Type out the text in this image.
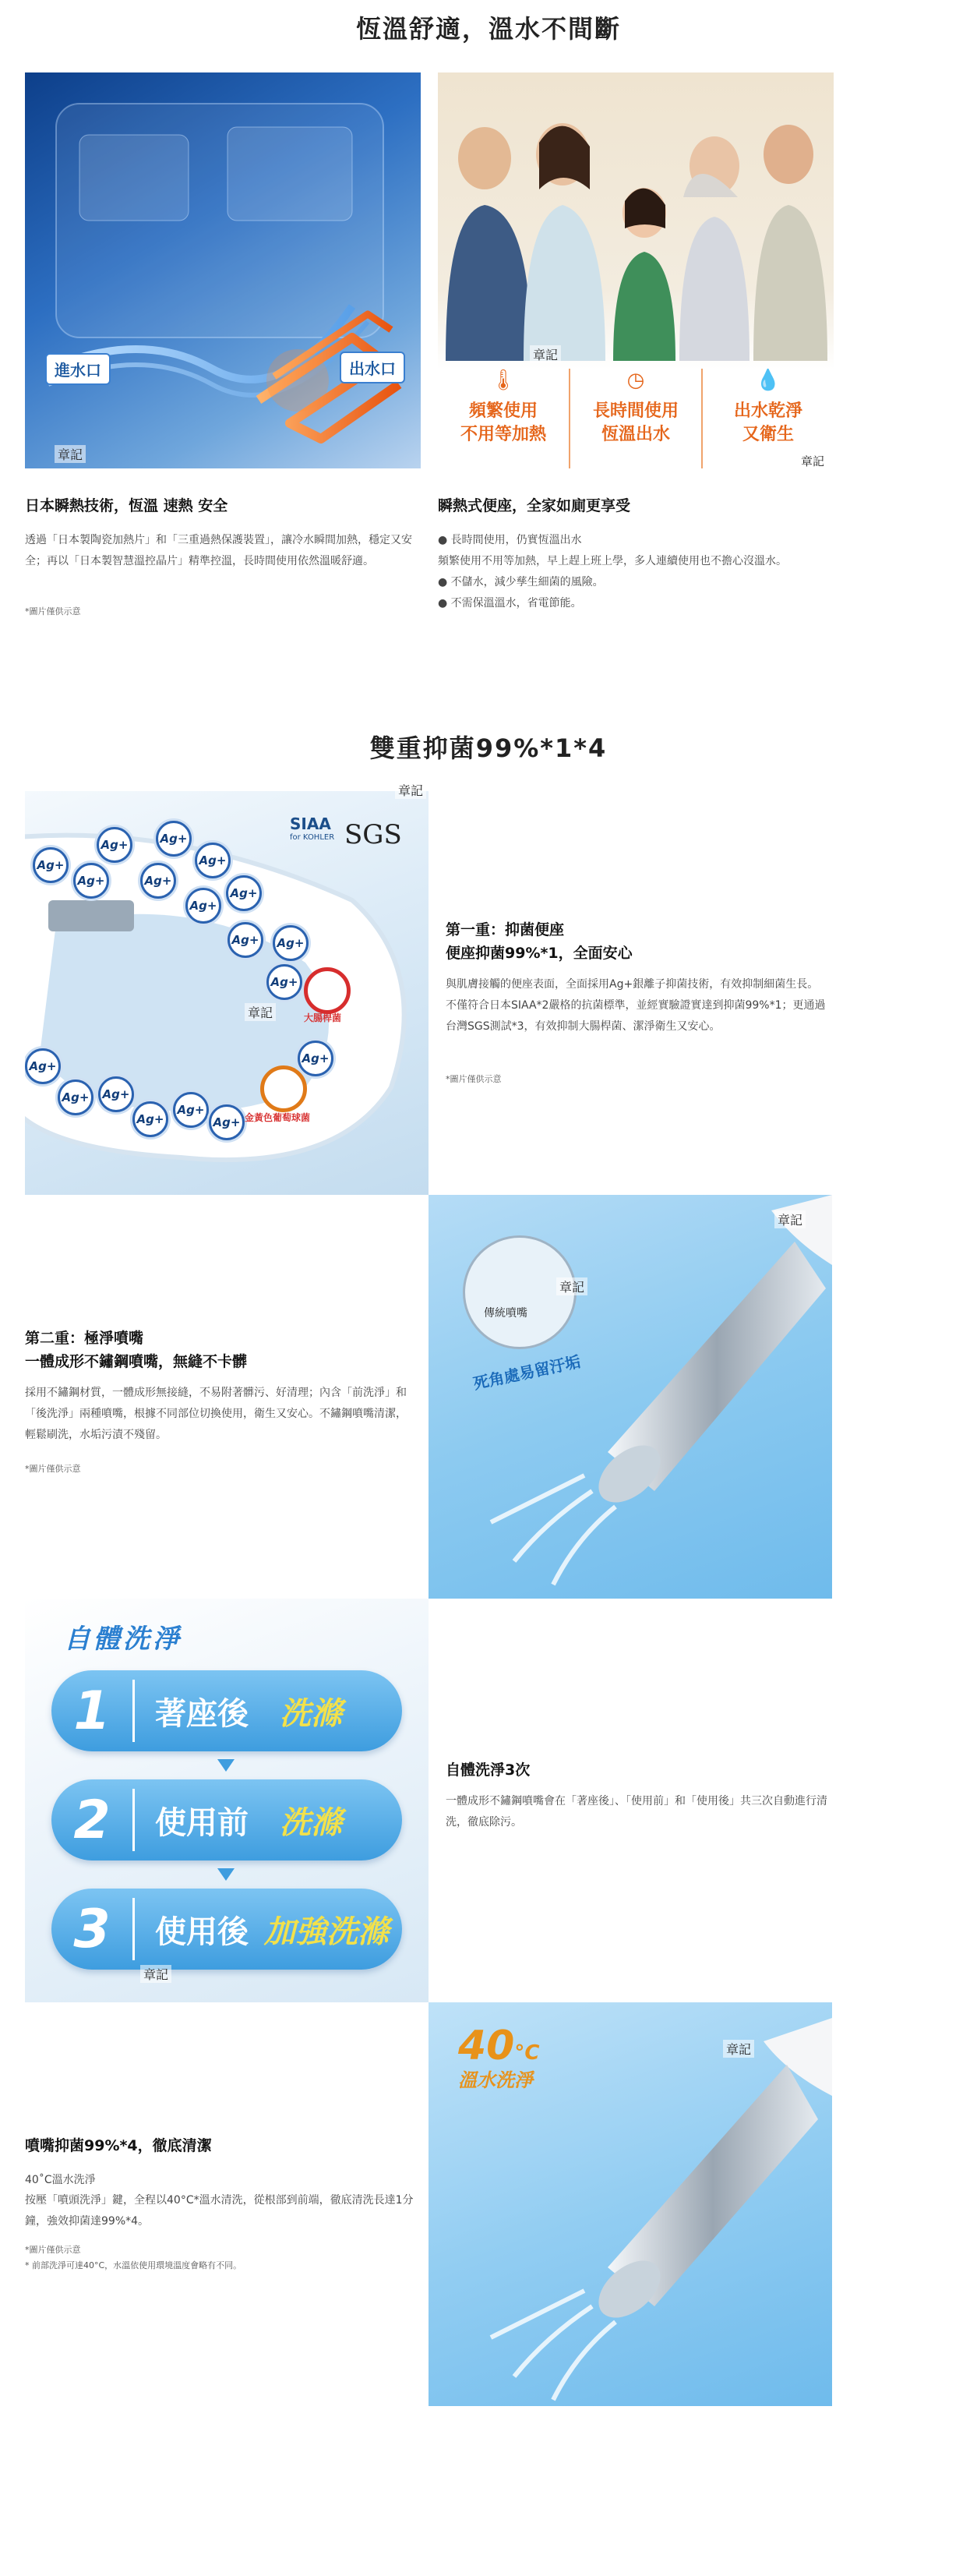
恆溫舒適，溫水不間斷
進水口	出水口
章記
章記
🌡
頻繁使用
不用等加熱
◷
長時間使用
恆溫出水
💧
出水乾淨
又衛生
章記
日本瞬熱技術，恆溫 速熱 安全
透過「日本製陶瓷加熱片」和「三重過熱保護裝置」，讓冷水瞬間加熱，穩定又安全；再以「日本製智慧溫控晶片」精準控溫，長時間使用依然溫暖舒適。
*圖片僅供示意
瞬熱式便座，全家如廁更享受
● 長時間使用，仍實恆溫出水
頻繁使用不用等加熱，早上趕上班上學，多人連續使用也不擔心沒溫水。
● 不儲水，減少孳生細菌的風險。
● 不需保溫溫水，省電節能。
雙重抑菌99%*1*4
SIAA
for KOHLER SGS
Ag+
Ag+	Ag+
Ag+
Ag+	Ag+
Ag+
Ag+
Ag+	Ag+
Ag+
Ag+
Ag+
Ag+	Ag+
Ag+
Ag+
Ag+
大腸桿菌
金黃色葡萄球菌
章記
章記
第一重：抑菌便座
便座抑菌99%*1，全面安心
與肌膚接觸的便座表面，全面採用Ag+銀離子抑菌技術，有效抑制細菌生長。
不僅符合日本SIAA*2嚴格的抗菌標準，並經實驗證實達到抑菌99%*1；更通過台灣SGS測試*3，有效抑制大腸桿菌、潔淨衛生又安心。
*圖片僅供示意
傳統噴嘴
死角處易留汙垢
章記
章記
第二重：極淨噴嘴
一體成形不鏽鋼噴嘴，無縫不卡髒
採用不鏽鋼材質，一體成形無接縫，不易附著髒污、好清理；內含「前洗淨」和「後洗淨」兩種噴嘴，根據不同部位切換使用，衛生又安心。不鏽鋼噴嘴清潔，輕鬆刷洗，水垢污漬不殘留。
*圖片僅供示意
自體洗淨
1	著座後 洗滌
2	使用前 洗滌
3	使用後 加強洗滌
章記
自體洗淨3次
一體成形不鏽鋼噴嘴會在「著座後」、「使用前」和「使用後」共三次自動進行清洗，徹底除污。
40°C
溫水洗淨
章記
噴嘴抑菌99%*4，徹底清潔
40˚C溫水洗淨
按壓「噴頭洗淨」鍵，全程以40°C*溫水清洗，從根部到前端，徹底清洗長達1分鐘，強效抑菌達99%*4。
*圖片僅供示意
* 前部洗淨可達40°C，水溫依使用環境溫度會略有不同。
